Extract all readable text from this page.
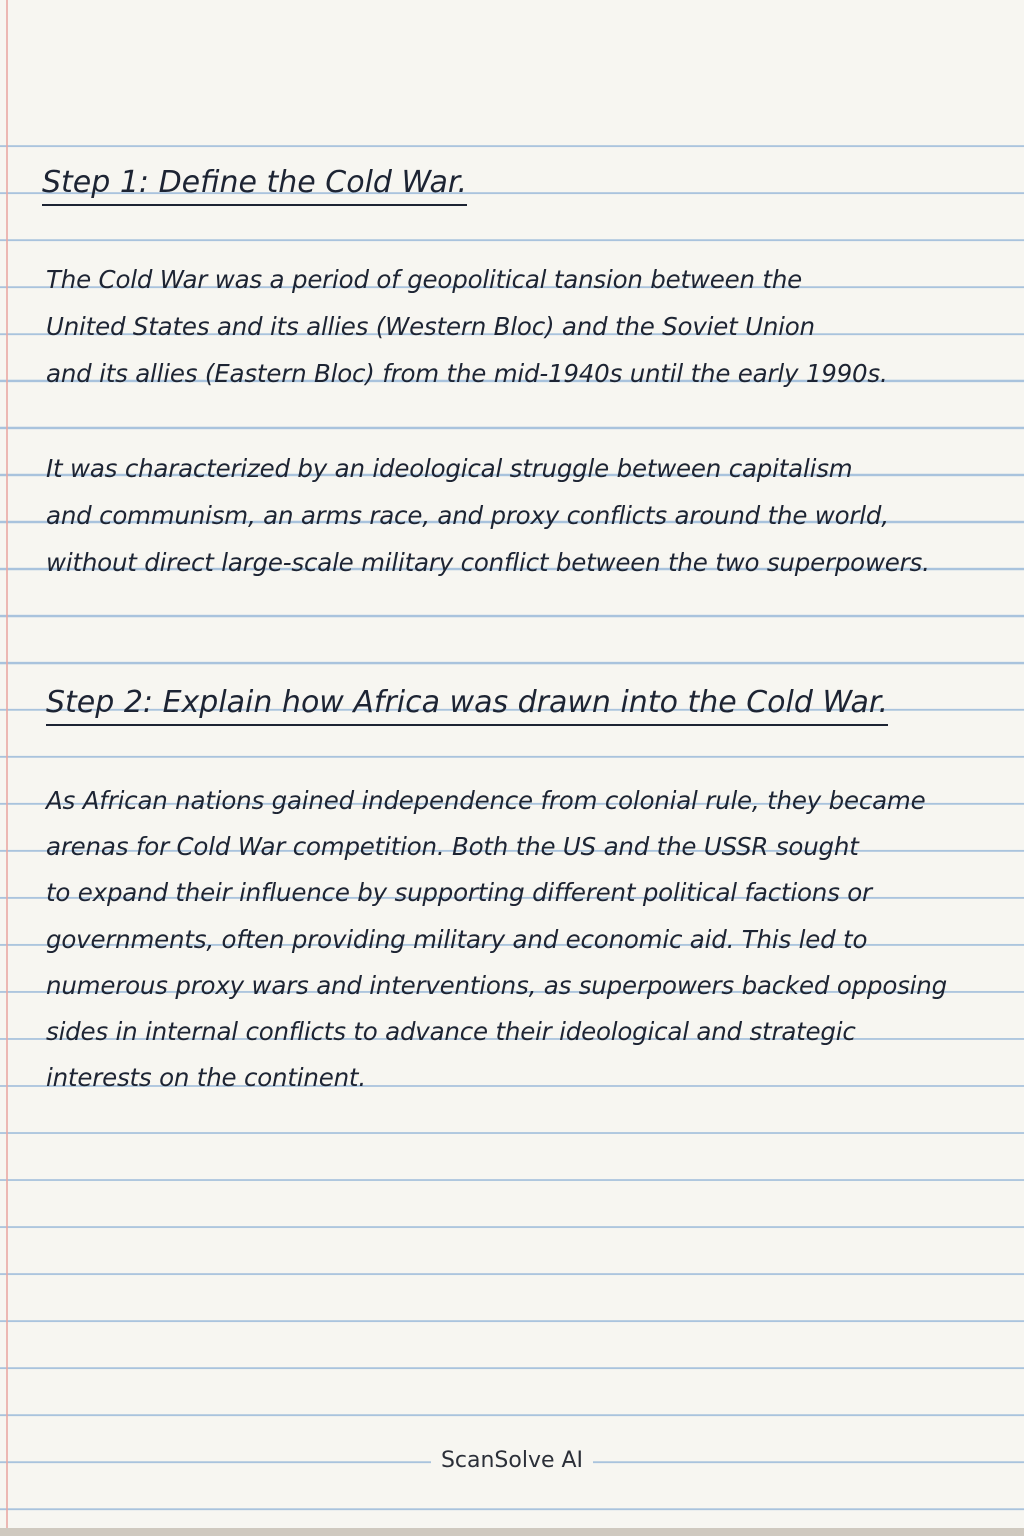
Step 1: Define the Cold War.
The Cold War was a period of geopolitical tansion between the
United States and its allies (Western Bloc) and the Soviet Union
and its allies (Eastern Bloc) from the mid-1940s until the early 1990s.
It was characterized by an ideological struggle between capitalism
and communism, an arms race, and proxy conflicts around the world,
without direct large-scale military conflict between the two superpowers.
Step 2: Explain how Africa was drawn into the Cold War.
As African nations gained independence from colonial rule, they became
arenas for Cold War competition. Both the US and the USSR sought
to expand their influence by supporting different political factions or
governments, often providing military and economic aid. This led to
numerous proxy wars and interventions, as superpowers backed opposing
sides in internal conflicts to advance their ideological and strategic
interests on the continent.
ScanSolve AI
